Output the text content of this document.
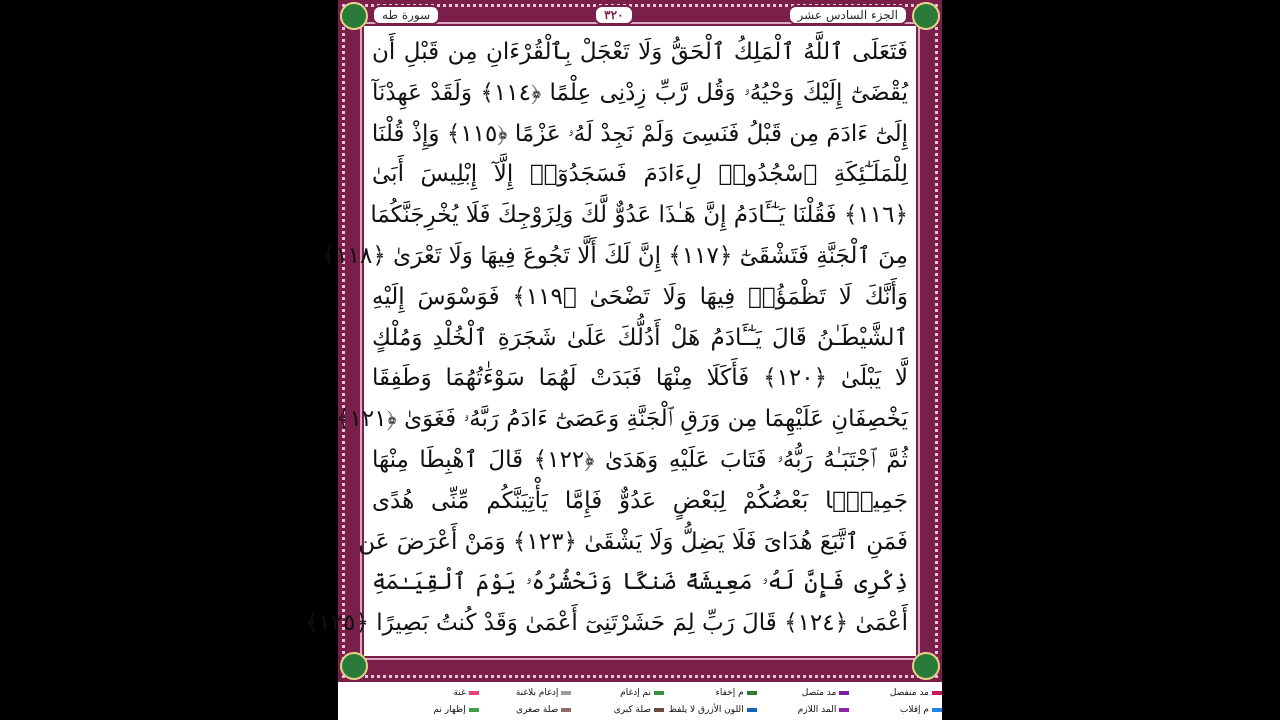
الجزء السادس عشر
٣٢٠
سورة طه
فَتَعَلَى ٱللَّهُ ٱلْمَلِكُ ٱلْحَقُّ وَلَا تَعْجَلْ بِٱلْقُرْءَانِ مِن قَبْلِ أَن
يُقْضَىٰٓ إِلَيْكَ وَحْيُهُۥ وَقُل رَّبِّ زِدْنِى عِلْمًا ﴿١١٤﴾ وَلَقَدْ عَهِدْنَآ
إِلَىٰٓ ءَادَمَ مِن قَبْلُ فَنَسِىَ وَلَمْ نَجِدْ لَهُۥ عَزْمًا ﴿١١٥﴾ وَإِذْ قُلْنَا
لِلْمَلَـٰٓئِكَةِ ٱسْجُدُوا۟ لِءَادَمَ فَسَجَدُوٓا۟ إِلَّآ إِبْلِيسَ أَبَىٰ
﴿١١٦﴾ فَقُلْنَا يَـٰٓـَٔادَمُ إِنَّ هَـٰذَا عَدُوٌّ لَّكَ وَلِزَوْجِكَ فَلَا يُخْرِجَنَّكُمَا
مِنَ ٱلْجَنَّةِ فَتَشْقَىٰٓ ﴿١١٧﴾ إِنَّ لَكَ أَلَّا تَجُوعَ فِيهَا وَلَا تَعْرَىٰ ﴿١١٨﴾
وَأَنَّكَ لَا تَظْمَؤُا۟ فِيهَا وَلَا تَضْحَىٰ ﴿١١٩﴾ فَوَسْوَسَ إِلَيْهِ
ٱلشَّيْطَـٰنُ قَالَ يَـٰٓـَٔادَمُ هَلْ أَدُلُّكَ عَلَىٰ شَجَرَةِ ٱلْخُلْدِ وَمُلْكٍ
لَّا يَبْلَىٰ ﴿١٢٠﴾ فَأَكَلَا مِنْهَا فَبَدَتْ لَهُمَا سَوْءَٰتُهُمَا وَطَفِقَا
يَخْصِفَانِ عَلَيْهِمَا مِن وَرَقِ ٱلْجَنَّةِ وَعَصَىٰٓ ءَادَمُ رَبَّهُۥ فَغَوَىٰ ﴿١٢١﴾
ثُمَّ ٱجْتَبَـٰهُ رَبُّهُۥ فَتَابَ عَلَيْهِ وَهَدَىٰ ﴿١٢٢﴾ قَالَ ٱهْبِطَا مِنْهَا
جَمِيعًۢا بَعْضُكُمْ لِبَعْضٍ عَدُوٌّ فَإِمَّا يَأْتِيَنَّكُم مِّنِّى هُدًى
فَمَنِ ٱتَّبَعَ هُدَاىَ فَلَا يَضِلُّ وَلَا يَشْقَىٰ ﴿١٢٣﴾ وَمَنْ أَعْرَضَ عَن
ذِكْرِى فَإِنَّ لَهُۥ مَعِيشَةً ضَنكًا وَنَحْشُرُهُۥ يَوْمَ ٱلْقِيَـٰمَةِ
أَعْمَىٰ ﴿١٢٤﴾ قَالَ رَبِّ لِمَ حَشَرْتَنِىٓ أَعْمَىٰ وَقَدْ كُنتُ بَصِيرًا ﴿١٢٥﴾
مد منفصل
مد متصل
م إخفاء
نم إدغام
إدغام بلاغنة
غنة
م إقلاب
المد اللازم
اللون الأزرق لا يلفظ
صلة كبرى
صلة صغرى
إظهار نم
